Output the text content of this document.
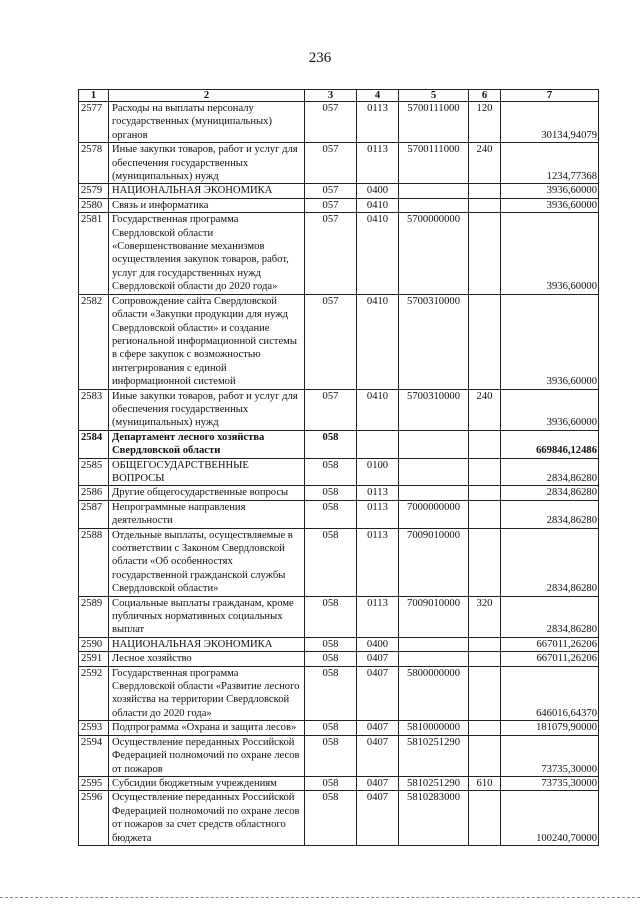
236
1	2	3	4	5	6	7
2577	Расходы на выплаты персоналу государственных (муниципальных) органов	057	0113	5700111000	120	30134,94079
2578	Иные закупки товаров, работ и услуг для обеспечения государственных (муниципальных) нужд	057	0113	5700111000	240	1234,77368
2579	НАЦИОНАЛЬНАЯ ЭКОНОМИКА	057	0400			3936,60000
2580	Связь и информатика	057	0410			3936,60000
2581	Государственная программа Свердловской области «Совершенствование механизмов осуществления закупок товаров, работ, услуг для государственных нужд Свердловской области до 2020 года»	057	0410	5700000000		3936,60000
2582	Сопровождение сайта Свердловской области «Закупки продукции для нужд Свердловской области» и создание региональной информационной системы в сфере закупок с возможностью интегрирования с единой информационной системой	057	0410	5700310000		3936,60000
2583	Иные закупки товаров, работ и услуг для обеспечения государственных (муниципальных) нужд	057	0410	5700310000	240	3936,60000
2584	Департамент лесного хозяйства Свердловской области	058				669846,12486
2585	ОБЩЕГОСУДАРСТВЕННЫЕ ВОПРОСЫ	058	0100			2834,86280
2586	Другие общегосударственные вопросы	058	0113			2834,86280
2587	Непрограммные направления деятельности	058	0113	7000000000		2834,86280
2588	Отдельные выплаты, осуществляемые в соответствии с Законом Свердловской области «Об особенностях государственной гражданской службы Свердловской области»	058	0113	7009010000		2834,86280
2589	Социальные выплаты гражданам, кроме публичных нормативных социальных выплат	058	0113	7009010000	320	2834,86280
2590	НАЦИОНАЛЬНАЯ ЭКОНОМИКА	058	0400			667011,26206
2591	Лесное хозяйство	058	0407			667011,26206
2592	Государственная программа Свердловской области «Развитие лесного хозяйства на территории Свердловской области до 2020 года»	058	0407	5800000000		646016,64370
2593	Подпрограмма «Охрана и защита лесов»	058	0407	5810000000		181079,90000
2594	Осуществление переданных Российской Федерацией полномочий по охране лесов от пожаров	058	0407	5810251290		73735,30000
2595	Субсидии бюджетным учреждениям	058	0407	5810251290	610	73735,30000
2596	Осуществление переданных Российской Федерацией полномочий по охране лесов от пожаров за счет средств областного бюджета	058	0407	5810283000		100240,70000
